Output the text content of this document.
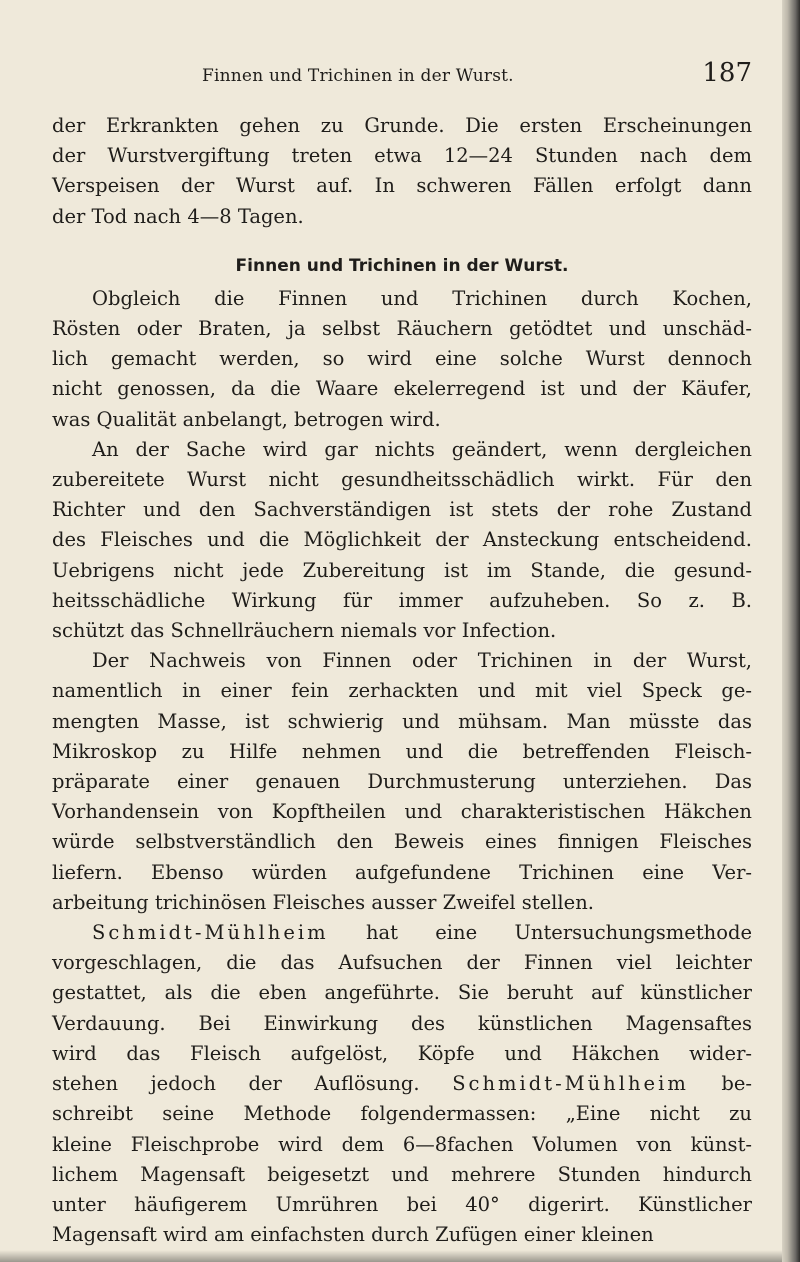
Finnen und Trichinen in der Wurst.	187
der Erkrankten gehen zu Grunde. Die ersten Erscheinungen
der Wurstvergiftung treten etwa 12—24 Stunden nach dem
Verspeisen der Wurst auf. In schweren Fällen erfolgt dann
der Tod nach 4—8 Tagen.
Finnen und Trichinen in der Wurst.
Obgleich die Finnen und Trichinen durch Kochen,
Rösten oder Braten, ja selbst Räuchern getödtet und unschäd-
lich gemacht werden, so wird eine solche Wurst dennoch
nicht genossen, da die Waare ekelerregend ist und der Käufer,
was Qualität anbelangt, betrogen wird.
An der Sache wird gar nichts geändert, wenn dergleichen
zubereitete Wurst nicht gesundheitsschädlich wirkt. Für den
Richter und den Sachverständigen ist stets der rohe Zustand
des Fleisches und die Möglichkeit der Ansteckung entscheidend.
Uebrigens nicht jede Zubereitung ist im Stande, die gesund-
heitsschädliche Wirkung für immer aufzuheben. So z. B.
schützt das Schnellräuchern niemals vor Infection.
Der Nachweis von Finnen oder Trichinen in der Wurst,
namentlich in einer fein zerhackten und mit viel Speck ge-
mengten Masse, ist schwierig und mühsam. Man müsste das
Mikroskop zu Hilfe nehmen und die betreffenden Fleisch-
präparate einer genauen Durchmusterung unterziehen. Das
Vorhandensein von Kopftheilen und charakteristischen Häkchen
würde selbstverständlich den Beweis eines finnigen Fleisches
liefern. Ebenso würden aufgefundene Trichinen eine Ver-
arbeitung trichinösen Fleisches ausser Zweifel stellen.
Schmidt-Mühlheim hat eine Untersuchungsmethode
vorgeschlagen, die das Aufsuchen der Finnen viel leichter
gestattet, als die eben angeführte. Sie beruht auf künstlicher
Verdauung. Bei Einwirkung des künstlichen Magensaftes
wird das Fleisch aufgelöst, Köpfe und Häkchen wider-
stehen jedoch der Auflösung. Schmidt-Mühlheim be-
schreibt seine Methode folgendermassen: „Eine nicht zu
kleine Fleischprobe wird dem 6—8fachen Volumen von künst-
lichem Magensaft beigesetzt und mehrere Stunden hindurch
unter häufigerem Umrühren bei 40° digerirt. Künstlicher
Magensaft wird am einfachsten durch Zufügen einer kleinen
